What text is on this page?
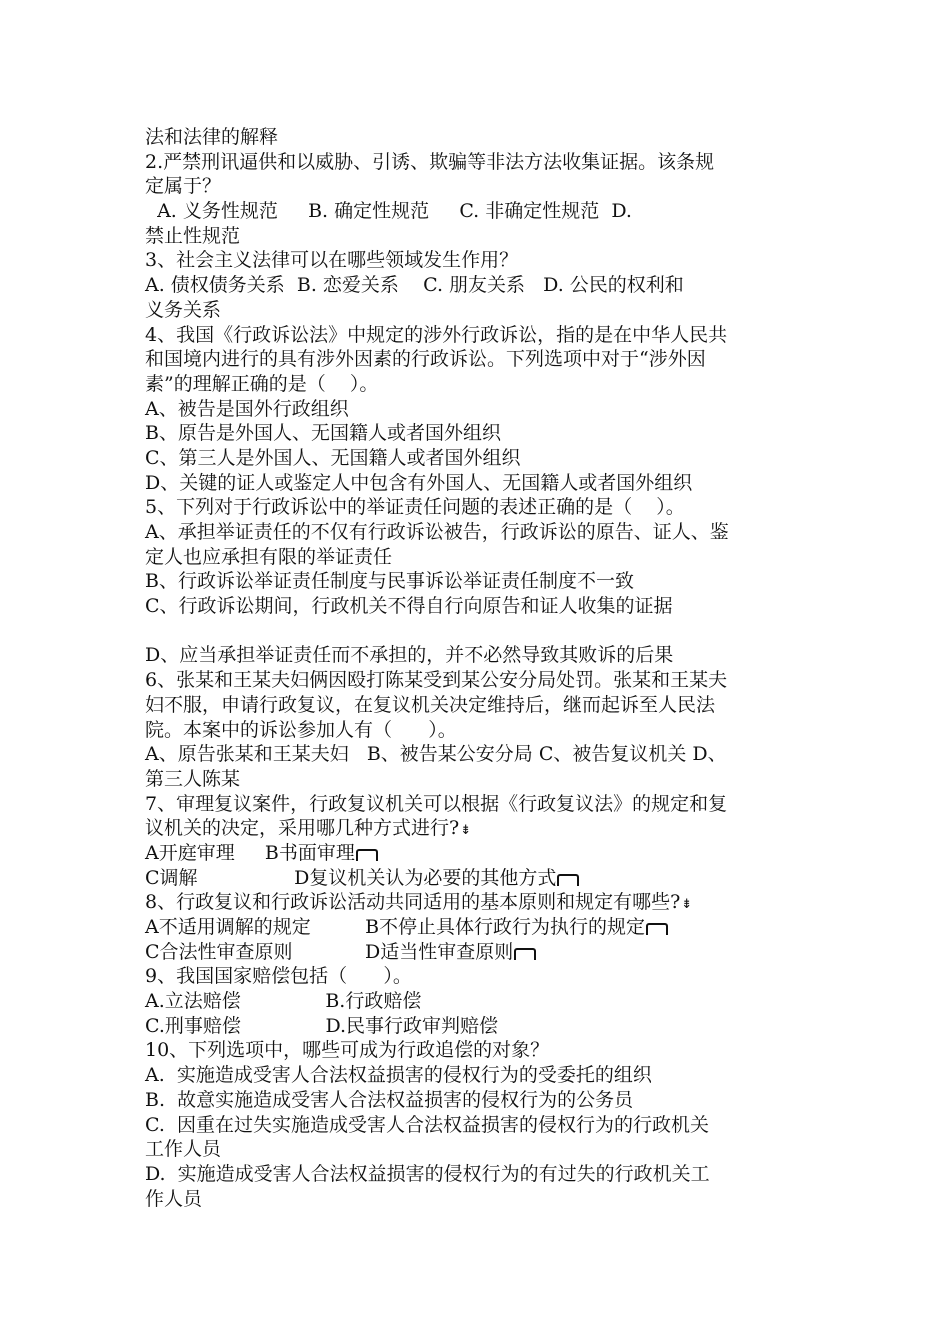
法和法律的解释
2.严禁刑讯逼供和以威胁、引诱、欺骗等非法方法收集证据。该条规
定属于？
A. 义务性规范     B. 确定性规范     C. 非确定性规范  D.
禁止性规范
3、社会主义法律可以在哪些领域发生作用？
A. 债权债务关系  B. 恋爱关系    C. 朋友关系   D. 公民的权利和
义务关系
4、我国《行政诉讼法》中规定的涉外行政诉讼，指的是在中华人民共
和国境内进行的具有涉外因素的行政诉讼。下列选项中对于“涉外因
素”的理解正确的是（    ）。
A、被告是国外行政组织
B、原告是外国人、无国籍人或者国外组织
C、第三人是外国人、无国籍人或者国外组织
D、关键的证人或鉴定人中包含有外国人、无国籍人或者国外组织
5、下列对于行政诉讼中的举证责任问题的表述正确的是（    ）。
A、承担举证责任的不仅有行政诉讼被告，行政诉讼的原告、证人、鉴
定人也应承担有限的举证责任
B、行政诉讼举证责任制度与民事诉讼举证责任制度不一致
C、行政诉讼期间，行政机关不得自行向原告和证人收集的证据
D、应当承担举证责任而不承担的，并不必然导致其败诉的后果
6、张某和王某夫妇俩因殴打陈某受到某公安分局处罚。张某和王某夫
妇不服，申请行政复议，在复议机关决定维持后，继而起诉至人民法
院。本案中的诉讼参加人有（      ）。
A、原告张某和王某夫妇   B、被告某公安分局 C、被告复议机关 D、
第三人陈某
7、审理复议案件，行政复议机关可以根据《行政复议法》的规定和复
议机关的决定，采用哪几种方式进行?⇟
A开庭审理     B书面审理
C调解                D复议机关认为必要的其他方式
8、行政复议和行政诉讼活动共同适用的基本原则和规定有哪些?⇟
A不适用调解的规定         B不停止具体行政行为执行的规定
C合法性审查原则            D适当性审查原则
9、我国国家赔偿包括（      ）。
A.立法赔偿              B.行政赔偿
C.刑事赔偿              D.民事行政审判赔偿
10、下列选项中，哪些可成为行政追偿的对象？
A.  实施造成受害人合法权益损害的侵权行为的受委托的组织
B.  故意实施造成受害人合法权益损害的侵权行为的公务员
C.  因重在过失实施造成受害人合法权益损害的侵权行为的行政机关
工作人员
D.  实施造成受害人合法权益损害的侵权行为的有过失的行政机关工
作人员
